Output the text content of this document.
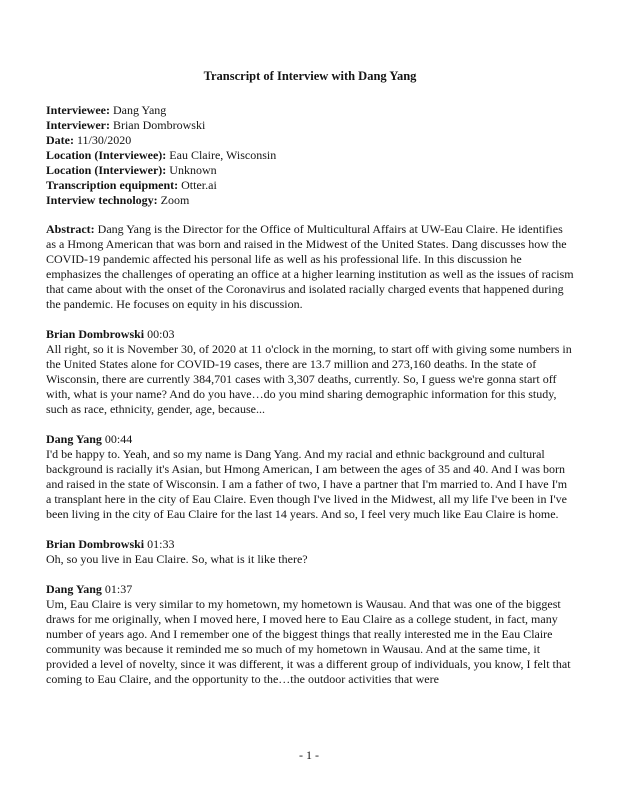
Transcript of Interview with Dang Yang
Interviewee: Dang Yang
Interviewer: Brian Dombrowski
Date: 11/30/2020
Location (Interviewee): Eau Claire, Wisconsin
Location (Interviewer): Unknown
Transcription equipment: Otter.ai
Interview technology: Zoom

Abstract: Dang Yang is the Director for the Office of Multicultural Affairs at UW-Eau Claire. He identifies as a Hmong American that was born and raised in the Midwest of the United States. Dang discusses how the COVID-19 pandemic affected his personal life as well as his professional life. In this discussion he emphasizes the challenges of operating an office at a higher learning institution as well as the issues of racism that came about with the onset of the Coronavirus and isolated racially charged events that happened during the pandemic. He focuses on equity in his discussion.

Brian Dombrowski 00:03
All right, so it is November 30, of 2020 at 11 o'clock in the morning, to start off with giving some numbers in the United States alone for COVID-19 cases, there are 13.7 million and 273,160 deaths. In the state of Wisconsin, there are currently 384,701 cases with 3,307 deaths, currently. So, I guess we're gonna start off with, what is your name? And do you have…do you mind sharing demographic information for this study, such as race, ethnicity, gender, age, because...
Dang Yang 00:44
I'd be happy to. Yeah, and so my name is Dang Yang. And my racial and ethnic background and cultural background is racially it's Asian, but Hmong American, I am between the ages of 35 and 40. And I was born and raised in the state of Wisconsin. I am a father of two, I have a partner that I'm married to. And I have I'm a transplant here in the city of Eau Claire. Even though I've lived in the Midwest, all my life I've been in I've been living in the city of Eau Claire for the last 14 years. And so, I feel very much like Eau Claire is home.
Brian Dombrowski 01:33
Oh, so you live in Eau Claire. So, what is it like there?
Dang Yang 01:37
Um, Eau Claire is very similar to my hometown, my hometown is Wausau. And that was one of the biggest draws for me originally, when I moved here, I moved here to Eau Claire as a college student, in fact, many number of years ago. And I remember one of the biggest things that really interested me in the Eau Claire community was because it reminded me so much of my hometown in Wausau. And at the same time, it provided a level of novelty, since it was different, it was a different group of individuals, you know, I felt that coming to Eau Claire, and the opportunity to the…the outdoor activities that were
- 1 -
